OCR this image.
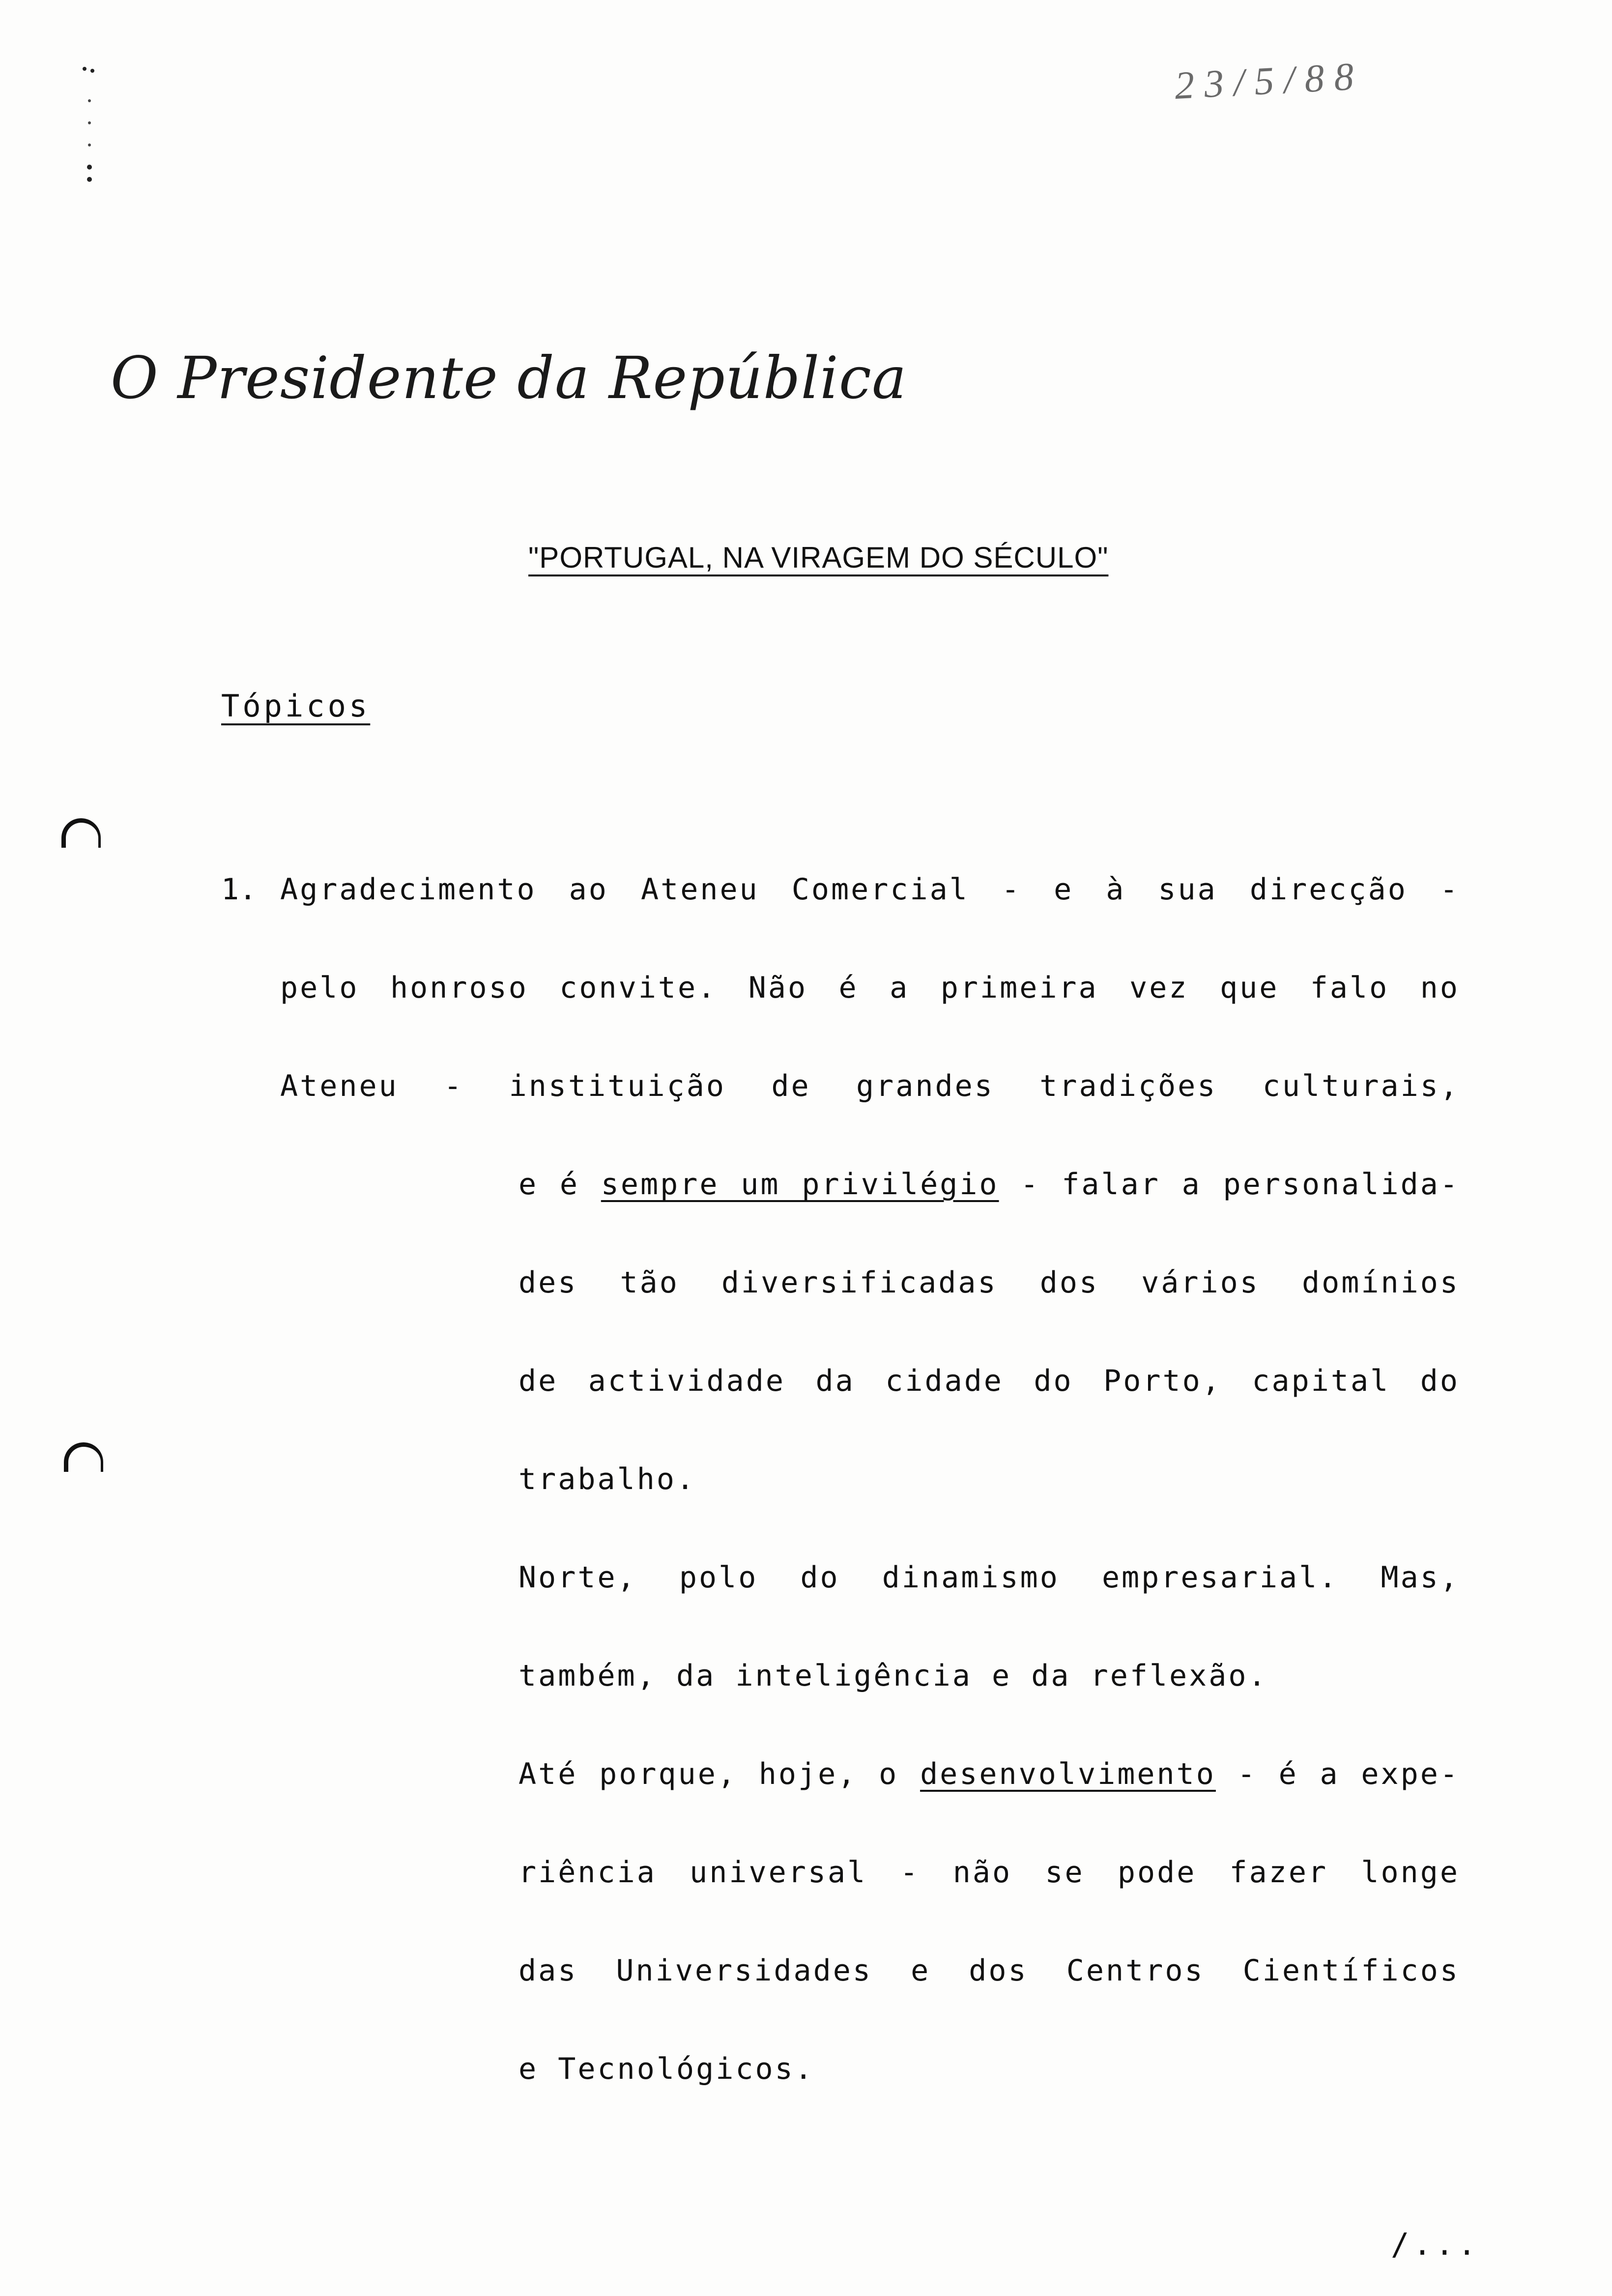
23/5/88
O Presidente da República
"PORTUGAL, NA VIRAGEM DO SÉCULO"
Tópicos
1. Agradecimento ao Ateneu Comercial - e à sua direcção -
pelo honroso convite. Não é a primeira vez que falo no
Ateneu - instituição de grandes tradições culturais,
e é sempre um privilégio - falar a personalida-
des tão diversificadas dos vários domínios
de actividade da cidade do Porto, capital do
trabalho.
Norte, polo do dinamismo empresarial. Mas,
também, da inteligência e da reflexão.
Até porque, hoje, o desenvolvimento - é a expe-
riência universal - não se pode fazer longe
das Universidades e dos Centros Científicos
e Tecnológicos.
/...
